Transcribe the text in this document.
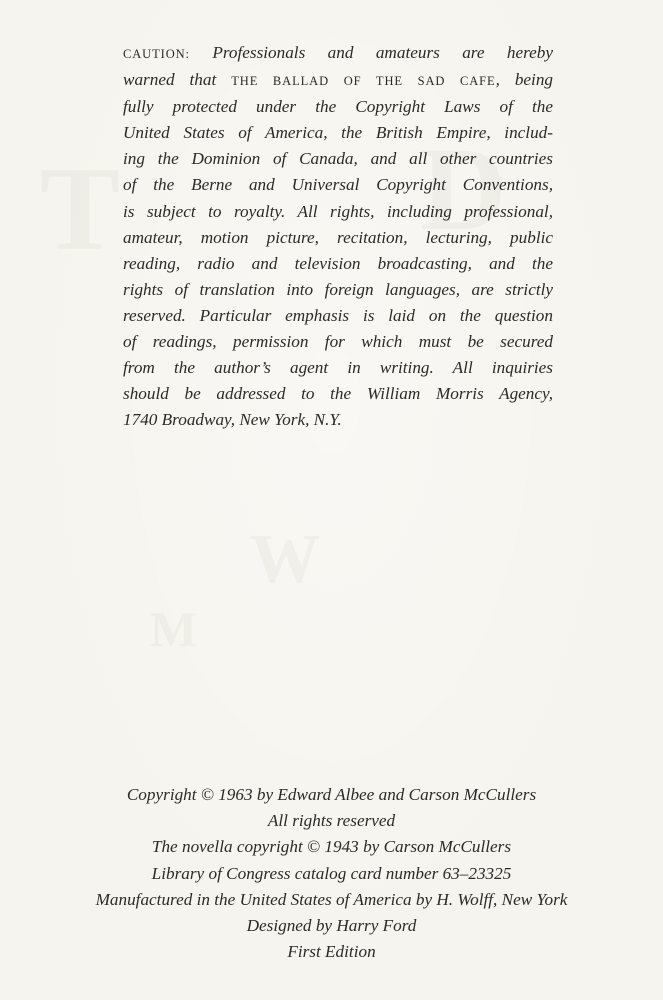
T D
W
M
CAUTION: Professionals and amateurs are hereby
warned that THE BALLAD OF THE SAD CAFE, being
fully protected under the Copyright Laws of the
United States of America, the British Empire, includ-
ing the Dominion of Canada, and all other countries
of the Berne and Universal Copyright Conventions,
is subject to royalty. All rights, including professional,
amateur, motion picture, recitation, lecturing, public
reading, radio and television broadcasting, and the
rights of translation into foreign languages, are strictly
reserved. Particular emphasis is laid on the question
of readings, permission for which must be secured
from the author’s agent in writing. All inquiries
should be addressed to the William Morris Agency,
1740 Broadway, New York, N.Y.
Copyright © 1963 by Edward Albee and Carson McCullers
All rights reserved
The novella copyright © 1943 by Carson McCullers
Library of Congress catalog card number 63–23325
Manufactured in the United States of America by H. Wolff, New York
Designed by Harry Ford
First Edition
